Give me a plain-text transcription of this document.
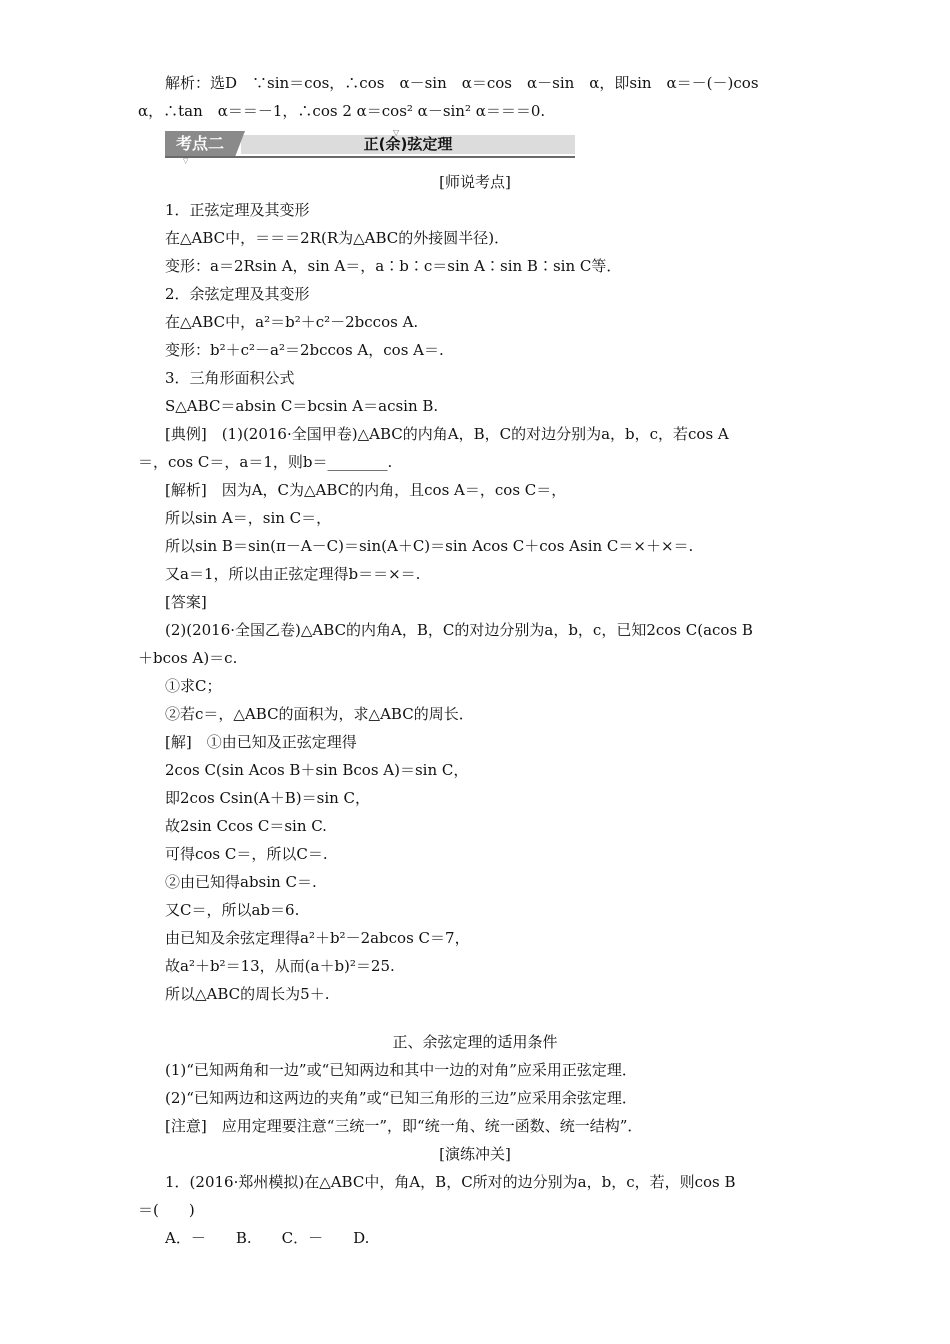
解析：选D　∵sin＝cos，∴cos　α－sin　α＝cos　α－sin　α，即sin　α＝－(－)cos
α，∴tan　α＝＝－1，∴cos 2 α＝cos² α－sin² α＝＝＝0.
考点二	正(余)弦定理
▽
▽
[师说考点]
1．正弦定理及其变形
在△ABC中，＝＝＝2R(R为△ABC的外接圆半径)．
变形：a＝2Rsin A，sin A＝，a∶b∶c＝sin A∶sin B∶sin C等．
2．余弦定理及其变形
在△ABC中，a²＝b²＋c²－2bccos A.
变形：b²＋c²－a²＝2bccos A，cos A＝.
3．三角形面积公式
S△ABC＝absin C＝bcsin A＝acsin B.
[典例]　(1)(2016·全国甲卷)△ABC的内角A，B，C的对边分别为a，b，c，若cos A
＝，cos C＝，a＝1，则b＝________.
[解析]　因为A，C为△ABC的内角，且cos A＝，cos C＝，
所以sin A＝，sin C＝，
所以sin B＝sin(π－A－C)＝sin(A＋C)＝sin Acos C＋cos Asin C＝×＋×＝.
又a＝1，所以由正弦定理得b＝＝×＝.
[答案]
(2)(2016·全国乙卷)△ABC的内角A，B，C的对边分别为a，b，c，已知2cos C(acos B
＋bcos A)＝c.
①求C；
②若c＝，△ABC的面积为，求△ABC的周长．
[解]　①由已知及正弦定理得
2cos C(sin Acos B＋sin Bcos A)＝sin C，
即2cos Csin(A＋B)＝sin C，
故2sin Ccos C＝sin C.
可得cos C＝，所以C＝.
②由已知得absin C＝.
又C＝，所以ab＝6.
由已知及余弦定理得a²＋b²－2abcos C＝7，
故a²＋b²＝13，从而(a＋b)²＝25.
所以△ABC的周长为5＋.
正、余弦定理的适用条件
(1)“已知两角和一边”或“已知两边和其中一边的对角”应采用正弦定理．
(2)“已知两边和这两边的夹角”或“已知三角形的三边”应采用余弦定理．
[注意]　应用定理要注意“三统一”，即“统一角、统一函数、统一结构”．
[演练冲关]
1．(2016·郑州模拟)在△ABC中，角A，B，C所对的边分别为a，b，c，若，则cos B
＝(　　)
A．－　　B.　　C．－　　D.
